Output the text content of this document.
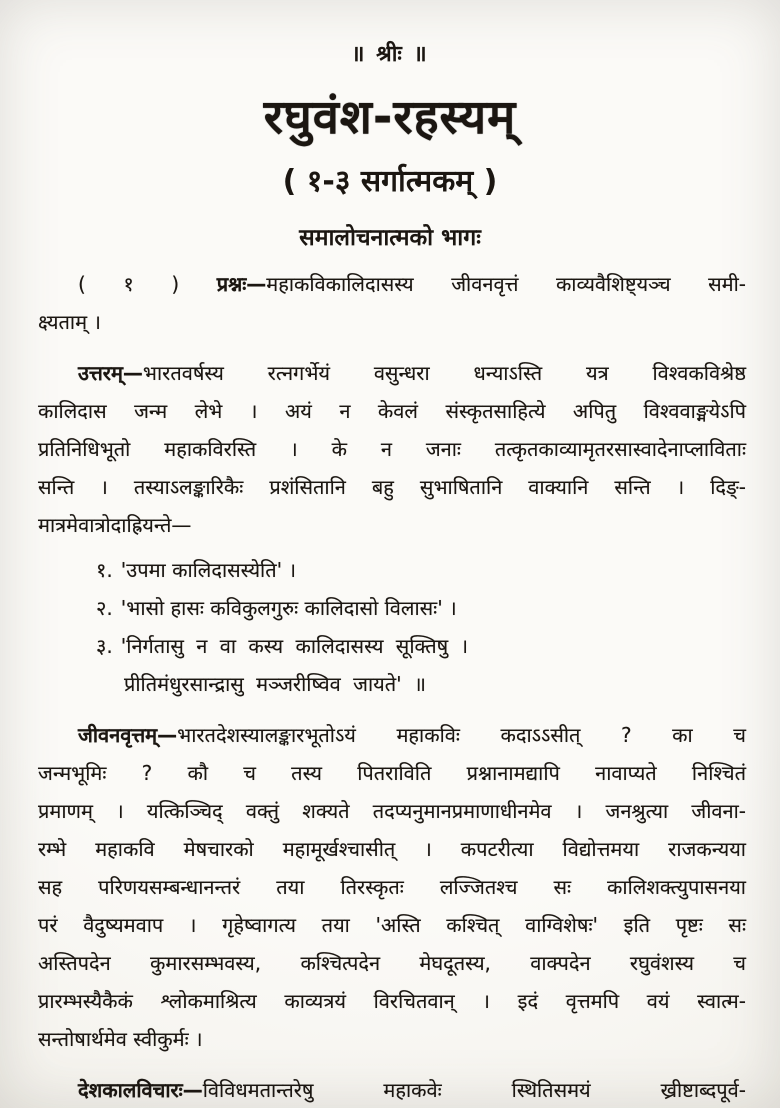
॥ श्रीः ॥
रघुवंश-रहस्यम्
( १-३ सर्गात्मकम् )
समालोचनात्मको भागः
( १ ) प्रश्नः—महाकविकालिदासस्य जीवनवृत्तं काव्यवैशिष्ट्यञ्च समी-
क्ष्यताम् ।
उत्तरम्—भारतवर्षस्य रत्नगर्भेयं वसुन्धरा धन्याऽस्ति यत्र विश्वकविश्रेष्ठ
कालिदास जन्म लेभे । अयं न केवलं संस्कृतसाहित्ये अपितु विश्ववाङ्मयेऽपि
प्रतिनिधिभूतो महाकविरस्ति । के न जनाः तत्कृतकाव्यामृतरसास्वादेनाप्लाविताः
सन्ति । तस्याऽलङ्कारिकैः प्रशंसितानि बहु सुभाषितानि वाक्यानि सन्ति । दिङ्-
मात्रमेवात्रोदाह्रियन्ते—
१. 'उपमा कालिदासस्येति' ।
२. 'भासो हासः कविकुलगुरुः कालिदासो विलासः' ।
३. 'निर्गतासु न वा कस्य कालिदासस्य सूक्तिषु ।
प्रीतिमंधुरसान्द्रासु मञ्जरीष्विव जायते' ॥
जीवनवृत्तम्—भारतदेशस्यालङ्कारभूतोऽयं महाकविः कदाऽऽसीत् ? का च
जन्मभूमिः ? कौ च तस्य पितराविति प्रश्नानामद्यापि नावाप्यते निश्चितं
प्रमाणम् । यत्किञ्चिद् वक्तुं शक्यते तदप्यनुमानप्रमाणाधीनमेव । जनश्रुत्या जीवना-
रम्भे महाकवि मेषचारको महामूर्खश्चासीत् । कपटरीत्या विद्योत्तमया राजकन्यया
सह परिणयसम्बन्धानन्तरं तया तिरस्कृतः लज्जितश्च सः कालिशक्त्युपासनया
परं वैदुष्यमवाप । गृहेष्वागत्य तया 'अस्ति कश्चित् वाग्विशेषः' इति पृष्टः सः
अस्तिपदेन कुमारसम्भवस्य, कश्चित्पदेन मेघदूतस्य, वाक्पदेन रघुवंशस्य च
प्रारम्भस्यैकैकं श्लोकमाश्रित्य काव्यत्रयं विरचितवान् । इदं वृत्तमपि वयं स्वात्म-
सन्तोषार्थमेव स्वीकुर्मः ।
देशकालविचारः—विविधमतान्तरेषु महाकवेः स्थितिसमयं ख्रीष्टाब्दपूर्व-
